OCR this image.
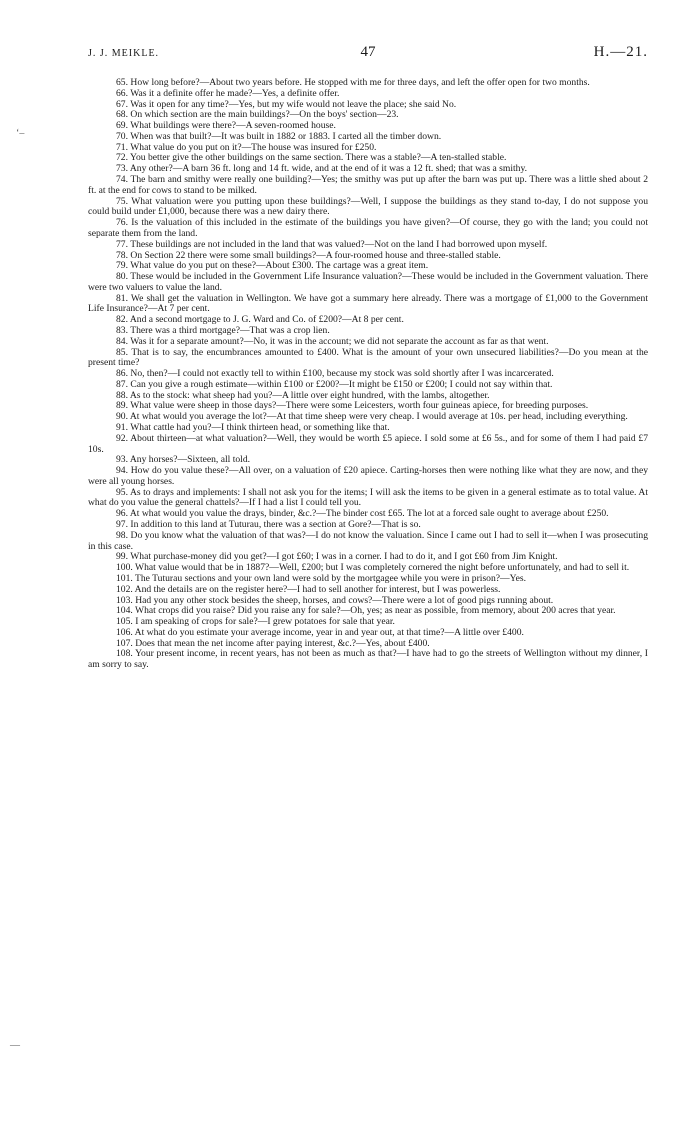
J. J. MEIKLE.	47	H.—21.
‘–
—

65. How long before?—About two years before. He stopped with me for three days, and left the offer open for two months.

66. Was it a definite offer he made?—Yes, a definite offer.

67. Was it open for any time?—Yes, but my wife would not leave the place; she said No.

68. On which section are the main buildings?—On the boys' section—23.

69. What buildings were there?—A seven-roomed house.

70. When was that built?—It was built in 1882 or 1883. I carted all the timber down.

71. What value do you put on it?—The house was insured for £250.

72. You better give the other buildings on the same section. There was a stable?—A ten-stalled stable.

73. Any other?—A barn 36 ft. long and 14 ft. wide, and at the end of it was a 12 ft. shed; that was a smithy.

74. The barn and smithy were really one building?—Yes; the smithy was put up after the barn was put up. There was a little shed about 2 ft. at the end for cows to stand to be milked.

75. What valuation were you putting upon these buildings?—Well, I suppose the buildings as they stand to-day, I do not suppose you could build under £1,000, because there was a new dairy there.

76. Is the valuation of this included in the estimate of the buildings you have given?—Of course, they go with the land; you could not separate them from the land.

77. These buildings are not included in the land that was valued?—Not on the land I had borrowed upon myself.

78. On Section 22 there were some small buildings?—A four-roomed house and three-stalled stable.

79. What value do you put on these?—About £300. The cartage was a great item.

80. These would be included in the Government Life Insurance valuation?—These would be included in the Government valuation. There were two valuers to value the land.

81. We shall get the valuation in Wellington. We have got a summary here already. There was a mortgage of £1,000 to the Government Life Insurance?—At 7 per cent.

82. And a second mortgage to J. G. Ward and Co. of £200?—At 8 per cent.

83. There was a third mortgage?—That was a crop lien.

84. Was it for a separate amount?—No, it was in the account; we did not separate the account as far as that went.

85. That is to say, the encumbrances amounted to £400. What is the amount of your own unsecured liabilities?—Do you mean at the present time?

86. No, then?—I could not exactly tell to within £100, because my stock was sold shortly after I was incarcerated.

87. Can you give a rough estimate—within £100 or £200?—It might be £150 or £200; I could not say within that.

88. As to the stock: what sheep had you?—A little over eight hundred, with the lambs, altogether.

89. What value were sheep in those days?—There were some Leicesters, worth four guineas apiece, for breeding purposes.

90. At what would you average the lot?—At that time sheep were very cheap. I would average at 10s. per head, including everything.

91. What cattle had you?—I think thirteen head, or something like that.

92. About thirteen—at what valuation?—Well, they would be worth £5 apiece. I sold some at £6 5s., and for some of them I had paid £7 10s.

93. Any horses?—Sixteen, all told.

94. How do you value these?—All over, on a valuation of £20 apiece. Carting-horses then were nothing like what they are now, and they were all young horses.

95. As to drays and implements: I shall not ask you for the items; I will ask the items to be given in a general estimate as to total value. At what do you value the general chattels?—If I had a list I could tell you.

96. At what would you value the drays, binder, &c.?—The binder cost £65. The lot at a forced sale ought to average about £250.

97. In addition to this land at Tuturau, there was a section at Gore?—That is so.

98. Do you know what the valuation of that was?—I do not know the valuation. Since I came out I had to sell it—when I was prosecuting in this case.

99. What purchase-money did you get?—I got £60; I was in a corner. I had to do it, and I got £60 from Jim Knight.

100. What value would that be in 1887?—Well, £200; but I was completely cornered the night before unfortunately, and had to sell it.

101. The Tuturau sections and your own land were sold by the mortgagee while you were in prison?—Yes.

102. And the details are on the register here?—I had to sell another for interest, but I was powerless.

103. Had you any other stock besides the sheep, horses, and cows?—There were a lot of good pigs running about.

104. What crops did you raise? Did you raise any for sale?—Oh, yes; as near as possible, from memory, about 200 acres that year.

105. I am speaking of crops for sale?—I grew potatoes for sale that year.

106. At what do you estimate your average income, year in and year out, at that time?—A little over £400.

107. Does that mean the net income after paying interest, &c.?—Yes, about £400.

108. Your present income, in recent years, has not been as much as that?—I have had to go the streets of Wellington without my dinner, I am sorry to say.
